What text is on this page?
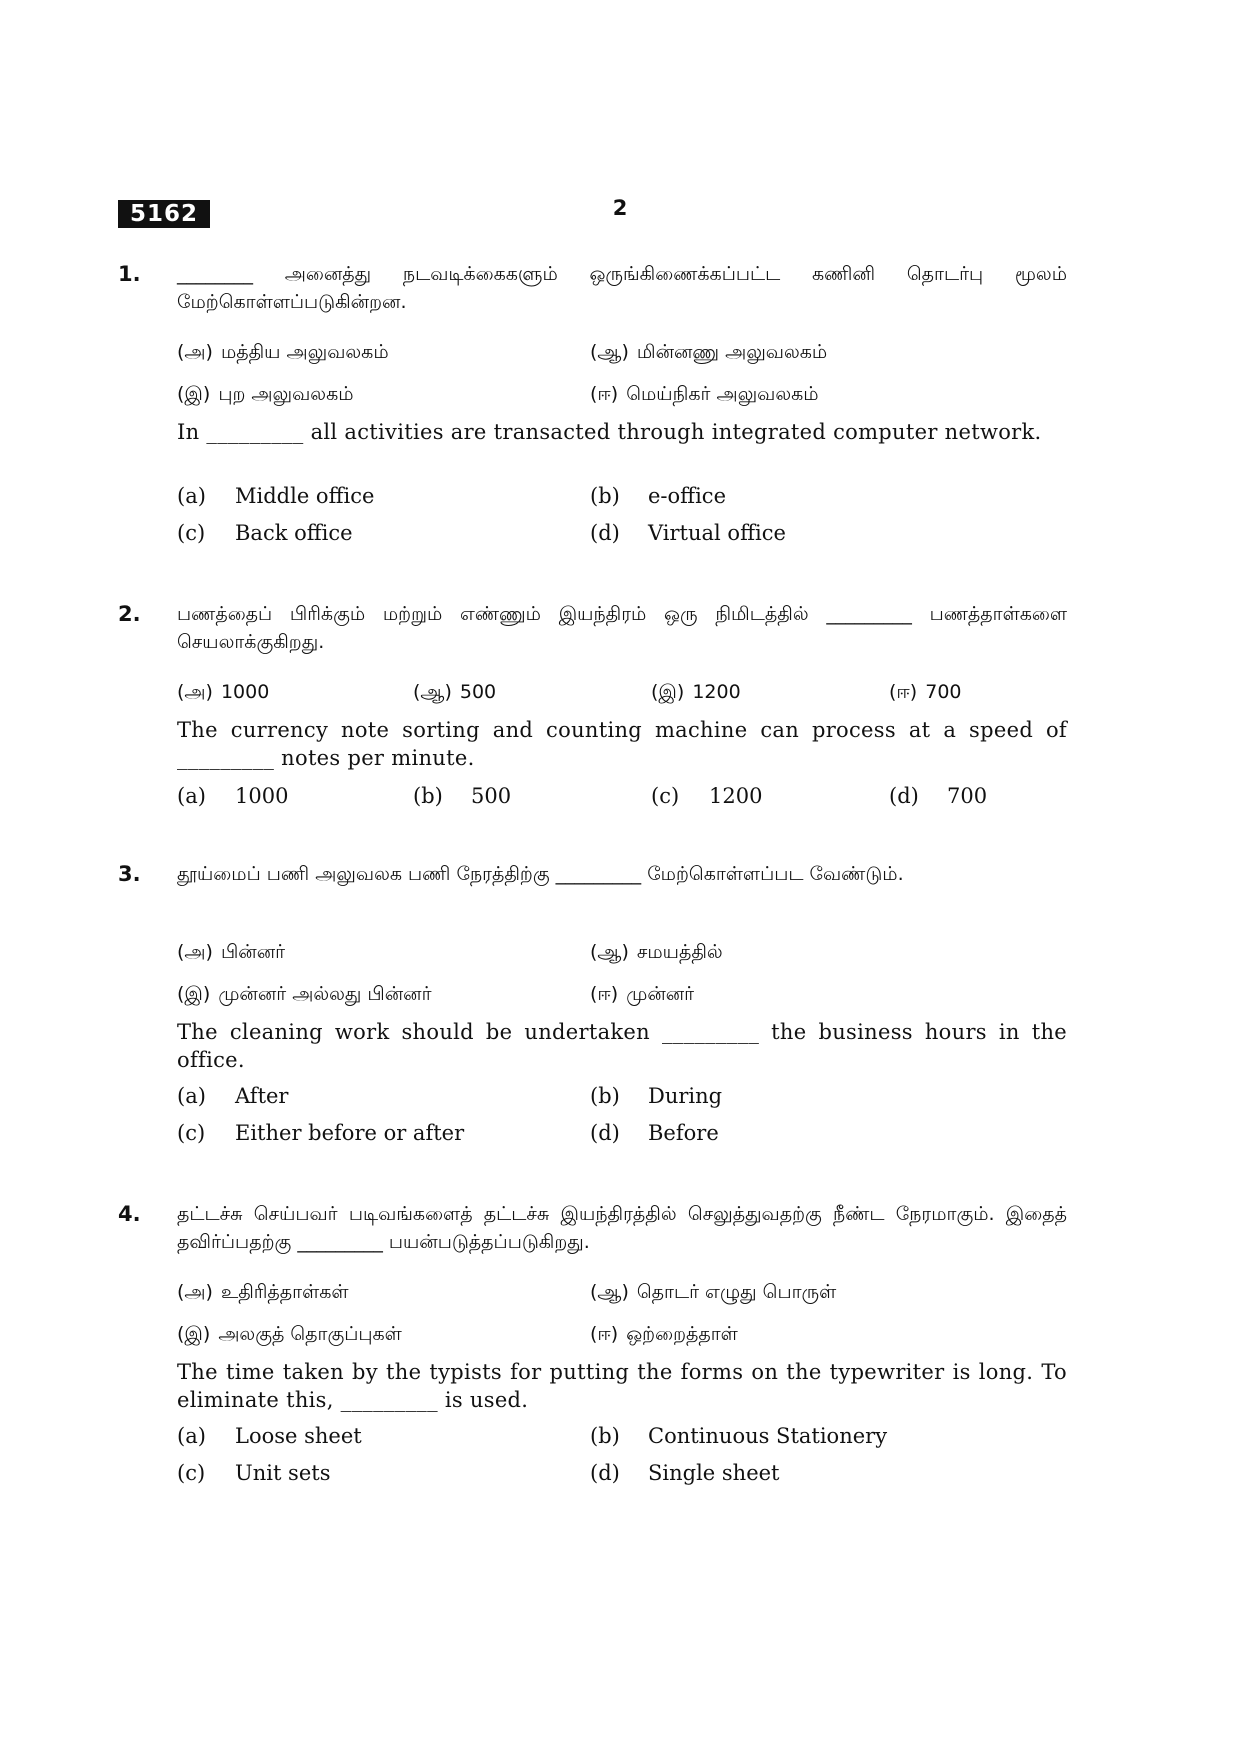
5162	2
1. ________ அனைத்து நடவடிக்கைகளும் ஒருங்கிணைக்கப்பட்ட கணினி தொடர்பு மூலம் மேற்கொள்ளப்படுகின்றன.
(அ) மத்திய அலுவலகம்	(ஆ) மின்னணு அலுவலகம்
(இ) புற அலுவலகம்	(ஈ) மெய்நிகர் அலுவலகம்
In _________ all activities are transacted through integrated computer network.
(a) Middle office	(b) e-office
(c) Back office	(d) Virtual office
2. பணத்தைப் பிரிக்கும் மற்றும் எண்ணும் இயந்திரம் ஒரு நிமிடத்தில் _________ பணத்தாள்களை செயலாக்குகிறது.
(அ) 1000	(ஆ) 500	(இ) 1200	(ஈ) 700
The currency note sorting and counting machine can process at a speed of _________ notes per minute.
(a) 1000	(b) 500	(c) 1200	(d) 700
3. தூய்மைப் பணி அலுவலக பணி நேரத்திற்கு _________ மேற்கொள்ளப்பட வேண்டும்.
(அ) பின்னர்	(ஆ) சமயத்தில்
(இ) முன்னர் அல்லது பின்னர்	(ஈ) முன்னர்
The cleaning work should be undertaken _________ the business hours in the office.
(a) After	(b) During
(c) Either before or after	(d) Before
4. தட்டச்சு செய்பவர் படிவங்களைத் தட்டச்சு இயந்திரத்தில் செலுத்துவதற்கு நீண்ட நேரமாகும். இதைத் தவிர்ப்பதற்கு _________ பயன்படுத்தப்படுகிறது.
(அ) உதிரித்தாள்கள்	(ஆ) தொடர் எழுது பொருள்
(இ) அலகுத் தொகுப்புகள்	(ஈ) ஒற்றைத்தாள்
The time taken by the typists for putting the forms on the typewriter is long. To eliminate this, _________ is used.
(a) Loose sheet	(b) Continuous Stationery
(c) Unit sets	(d) Single sheet
